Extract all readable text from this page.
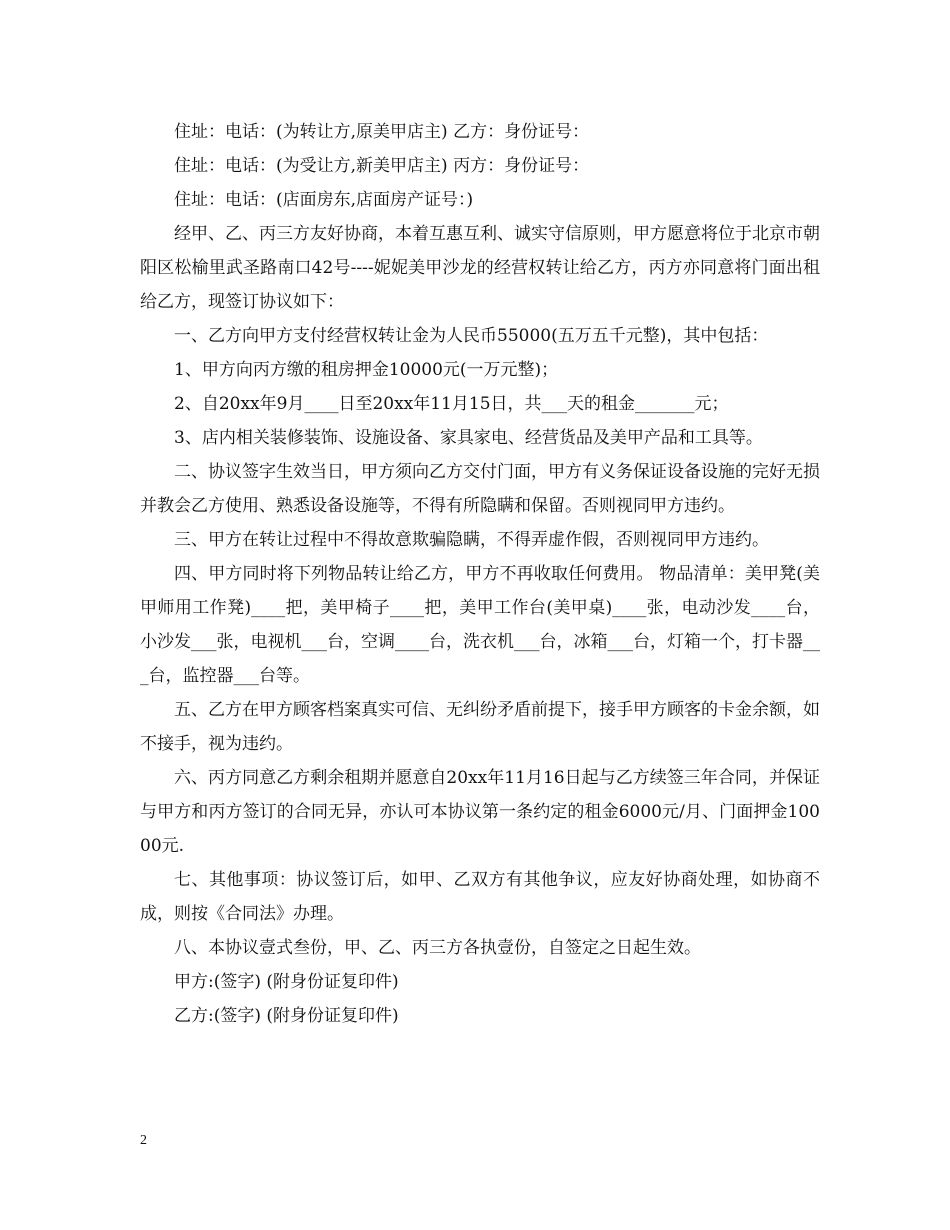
住址：电话：(为转让方,原美甲店主) 乙方：身份证号：

住址：电话：(为受让方,新美甲店主) 丙方：身份证号：

住址：电话：(店面房东,店面房产证号：)

经甲、乙、丙三方友好协商，本着互惠互利、诚实守信原则，甲方愿意将位于北京市朝阳区松榆里武圣路南口42号----妮妮美甲沙龙的经营权转让给乙方，丙方亦同意将门面出租给乙方，现签订协议如下：

一、乙方向甲方支付经营权转让金为人民币55000(五万五千元整)，其中包括：

1、甲方向丙方缴的租房押金10000元(一万元整)；

2、自20xx年9月____日至20xx年11月15日，共___天的租金_______元；

3、店内相关装修装饰、设施设备、家具家电、经营货品及美甲产品和工具等。

二、协议签字生效当日，甲方须向乙方交付门面，甲方有义务保证设备设施的完好无损并教会乙方使用、熟悉设备设施等，不得有所隐瞒和保留。否则视同甲方违约。

三、甲方在转让过程中不得故意欺骗隐瞒，不得弄虚作假，否则视同甲方违约。

四、甲方同时将下列物品转让给乙方，甲方不再收取任何费用。 物品清单：美甲凳(美甲师用工作凳)____把，美甲椅子____把，美甲工作台(美甲桌)____张，电动沙发____台，小沙发___张，电视机___台，空调____台，洗衣机___台，冰箱___台，灯箱一个，打卡器___台，监控器___台等。

五、乙方在甲方顾客档案真实可信、无纠纷矛盾前提下，接手甲方顾客的卡金余额，如不接手，视为违约。

六、丙方同意乙方剩余租期并愿意自20xx年11月16日起与乙方续签三年合同，并保证与甲方和丙方签订的合同无异，亦认可本协议第一条约定的租金6000元/月、门面押金10000元.

七、其他事项：协议签订后，如甲、乙双方有其他争议，应友好协商处理，如协商不成，则按《合同法》办理。

八、本协议壹式叁份，甲、乙、丙三方各执壹份，自签定之日起生效。

甲方:(签字) (附身份证复印件)

乙方:(签字) (附身份证复印件)

2
